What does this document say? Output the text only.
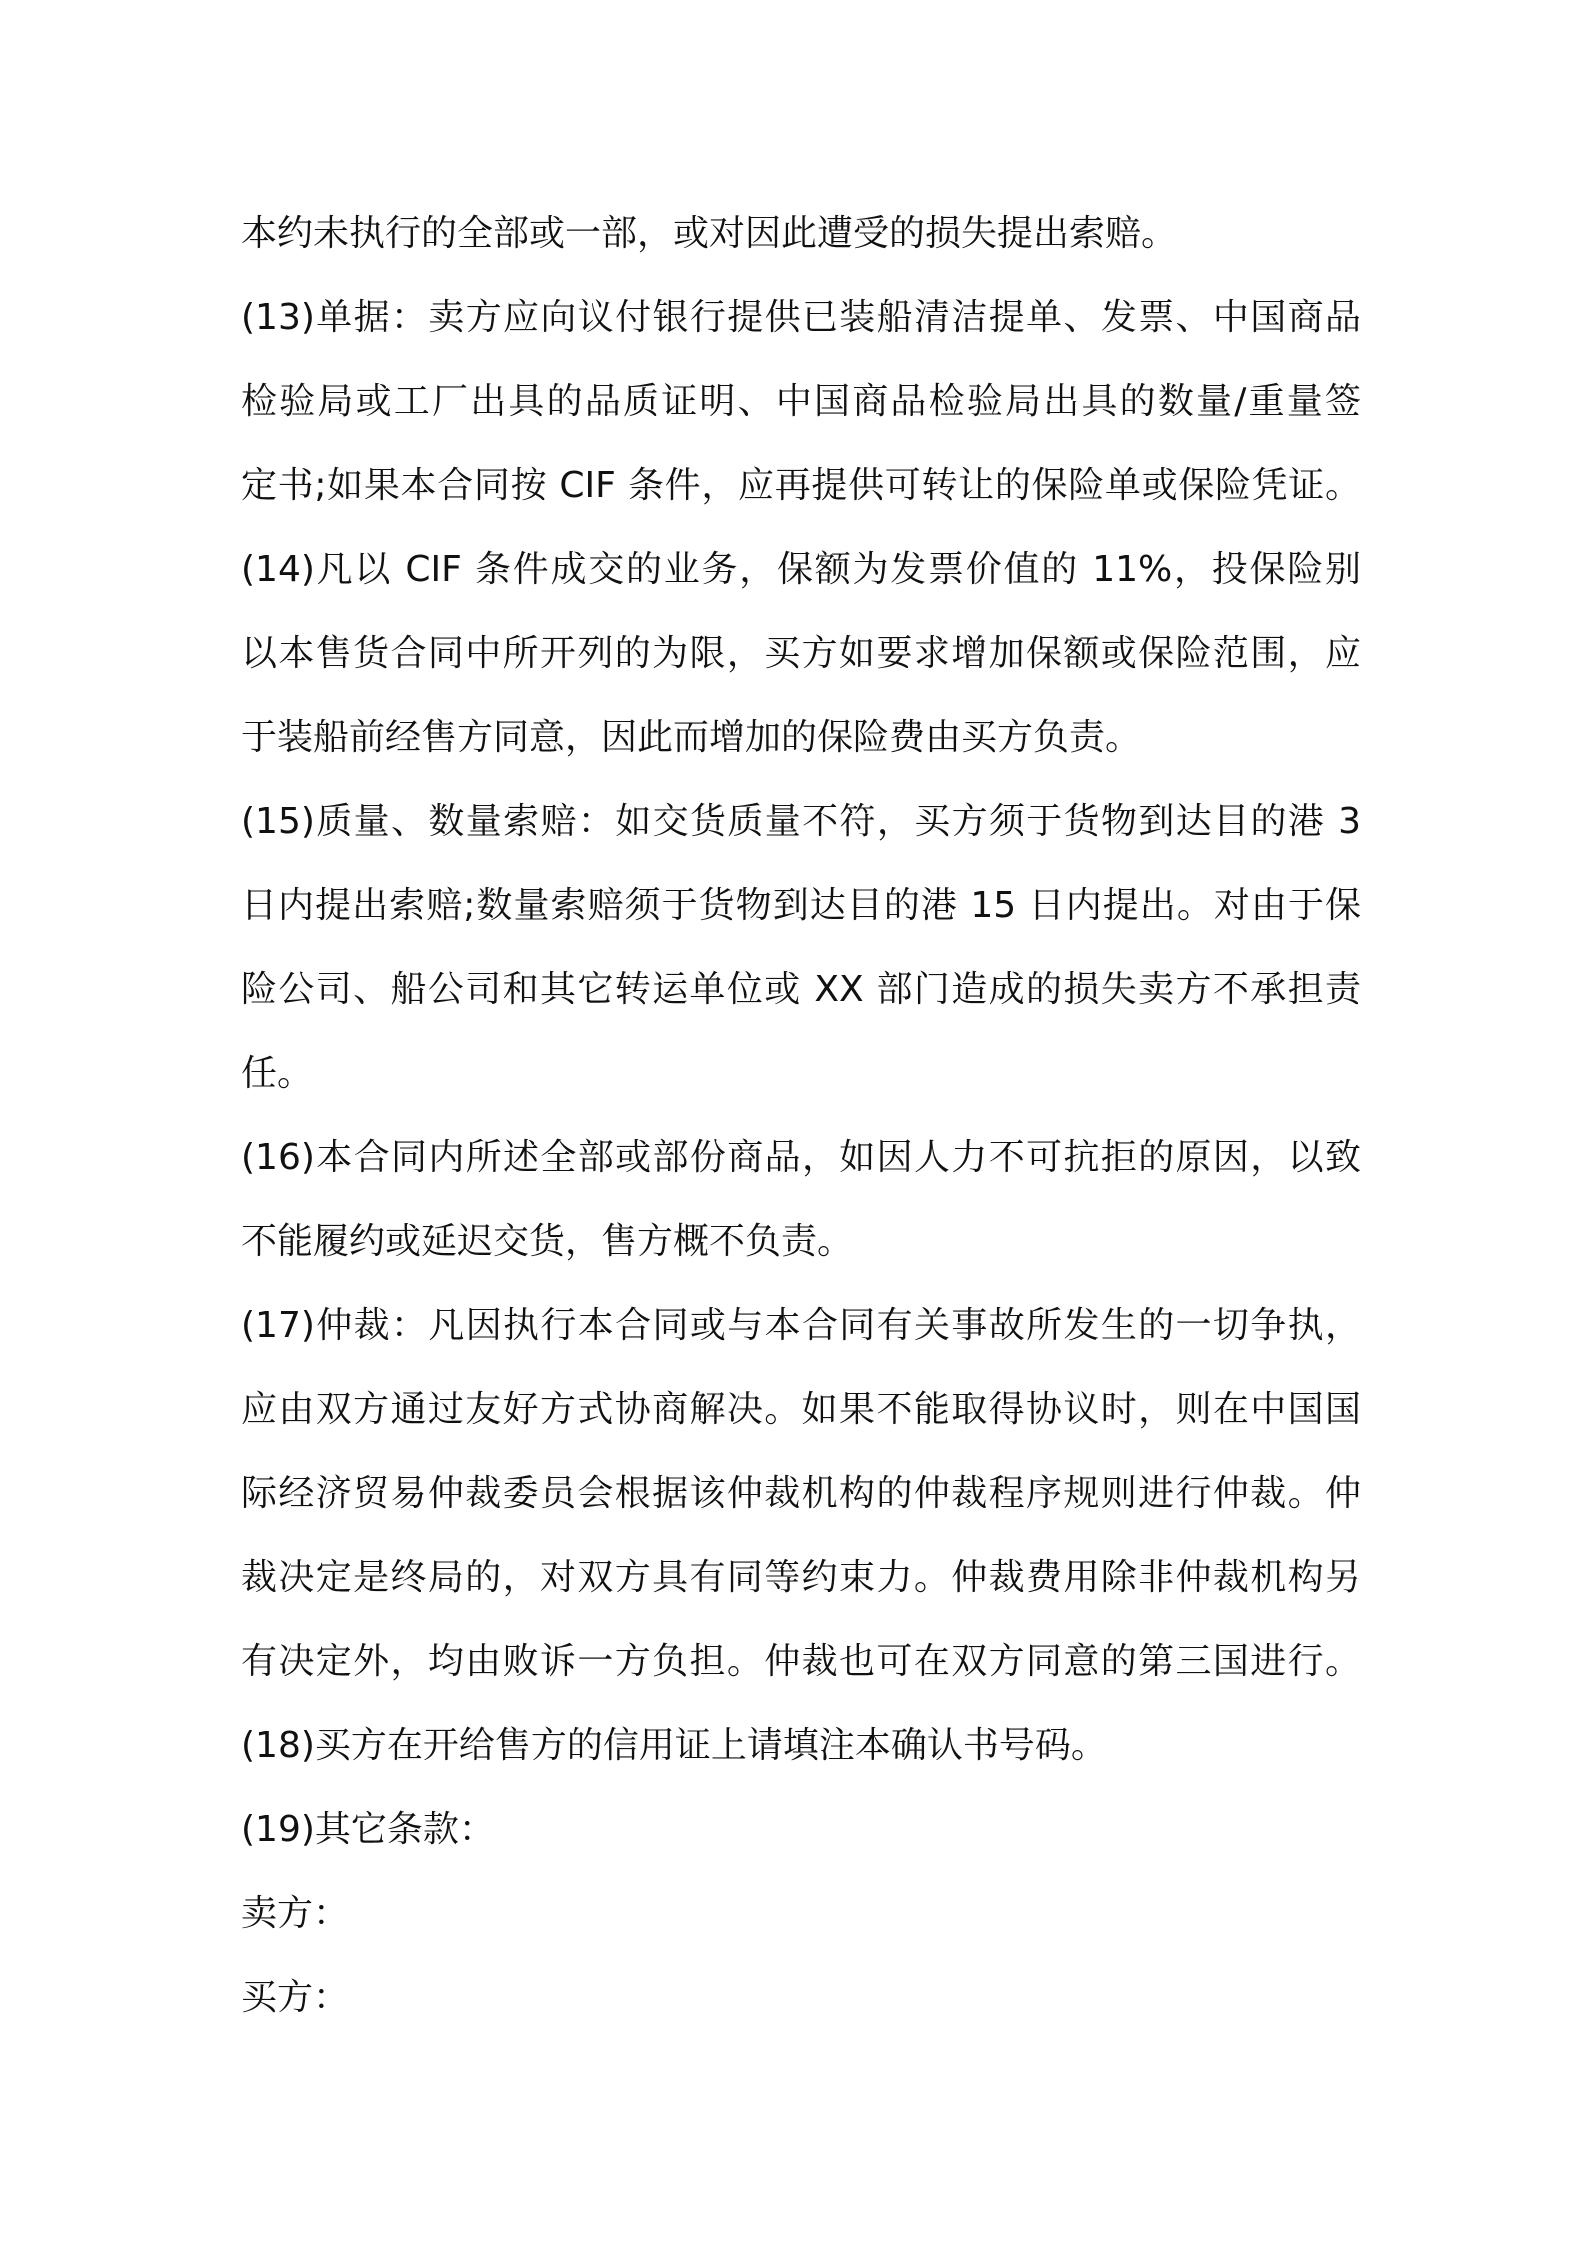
本约未执行的全部或一部，或对因此遭受的损失提出索赔。
(13)单据：卖方应向议付银行提供已装船清洁提单、发票、中国商品
检验局或工厂出具的品质证明、中国商品检验局出具的数量/重量签
定书;如果本合同按 CIF 条件，应再提供可转让的保险单或保险凭证。
(14)凡以 CIF 条件成交的业务，保额为发票价值的 11%，投保险别
以本售货合同中所开列的为限，买方如要求增加保额或保险范围，应
于装船前经售方同意，因此而增加的保险费由买方负责。
(15)质量、数量索赔：如交货质量不符，买方须于货物到达目的港 3
日内提出索赔;数量索赔须于货物到达目的港 15 日内提出。对由于保
险公司、船公司和其它转运单位或 XX 部门造成的损失卖方不承担责
任。
(16)本合同内所述全部或部份商品，如因人力不可抗拒的原因，以致
不能履约或延迟交货，售方概不负责。
(17)仲裁：凡因执行本合同或与本合同有关事故所发生的一切争执，
应由双方通过友好方式协商解决。如果不能取得协议时，则在中国国
际经济贸易仲裁委员会根据该仲裁机构的仲裁程序规则进行仲裁。仲
裁决定是终局的，对双方具有同等约束力。仲裁费用除非仲裁机构另
有决定外，均由败诉一方负担。仲裁也可在双方同意的第三国进行。
(18)买方在开给售方的信用证上请填注本确认书号码。
(19)其它条款：
卖方：
买方：
